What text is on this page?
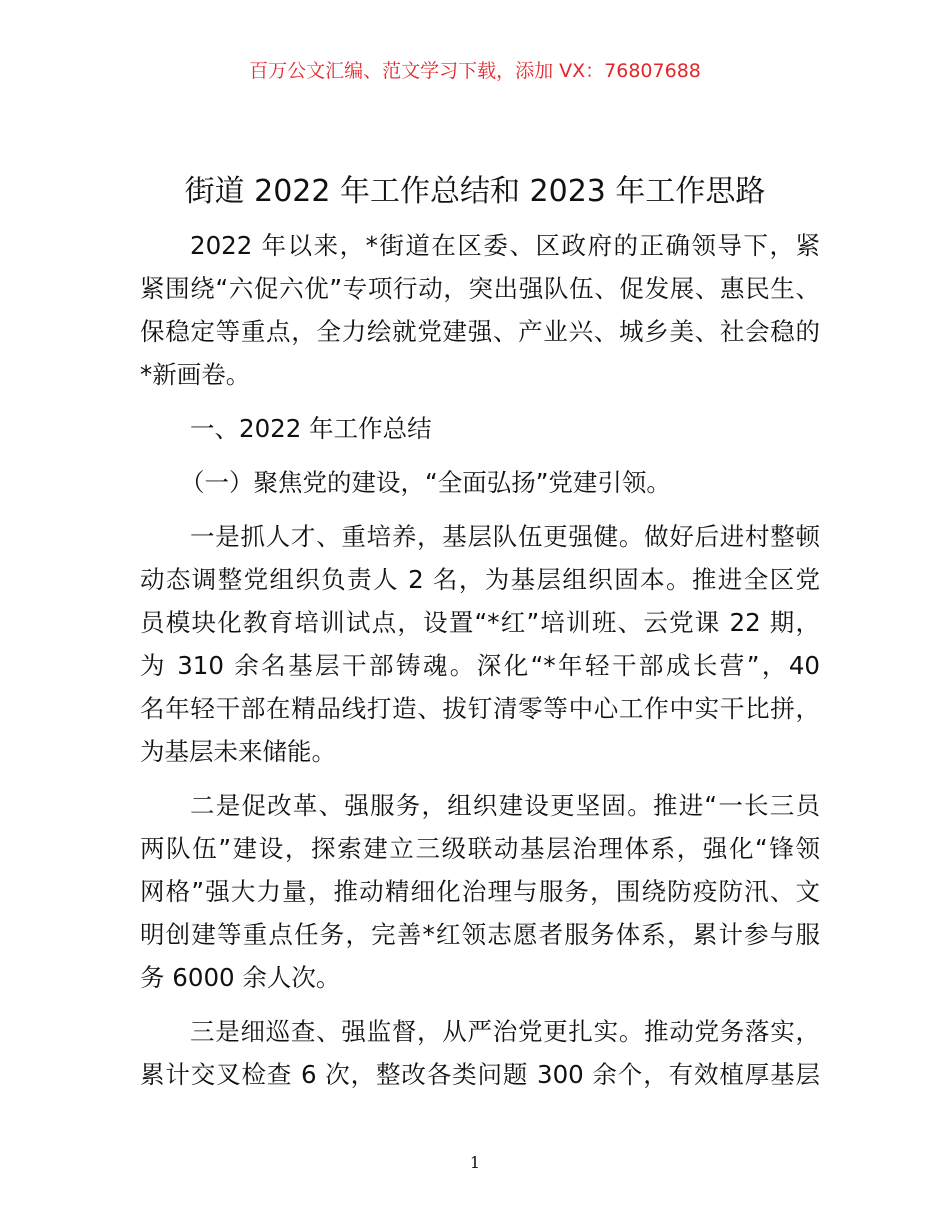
百万公文汇编、范文学习下载，添加 VX：76807688
街道 2022 年工作总结和 2023 年工作思路
2022 年以来，*街道在区委、区政府的正确领导下，紧
紧围绕“六促六优”专项行动，突出强队伍、促发展、惠民生、
保稳定等重点，全力绘就党建强、产业兴、城乡美、社会稳的
*新画卷。
一、2022 年工作总结
（一）聚焦党的建设，“全面弘扬”党建引领。
一是抓人才、重培养，基层队伍更强健。做好后进村整顿
动态调整党组织负责人 2 名，为基层组织固本。推进全区党
员模块化教育培训试点，设置“*红”培训班、云党课 22 期，
为 310 余名基层干部铸魂。深化“*年轻干部成长营”，40
名年轻干部在精品线打造、拔钉清零等中心工作中实干比拼，
为基层未来储能。
二是促改革、强服务，组织建设更坚固。推进“一长三员
两队伍”建设，探索建立三级联动基层治理体系，强化“锋领
网格”强大力量，推动精细化治理与服务，围绕防疫防汛、文
明创建等重点任务，完善*红领志愿者服务体系，累计参与服
务 6000 余人次。
三是细巡查、强监督，从严治党更扎实。推动党务落实，
累计交叉检查 6 次，整改各类问题 300 余个，有效植厚基层
1
